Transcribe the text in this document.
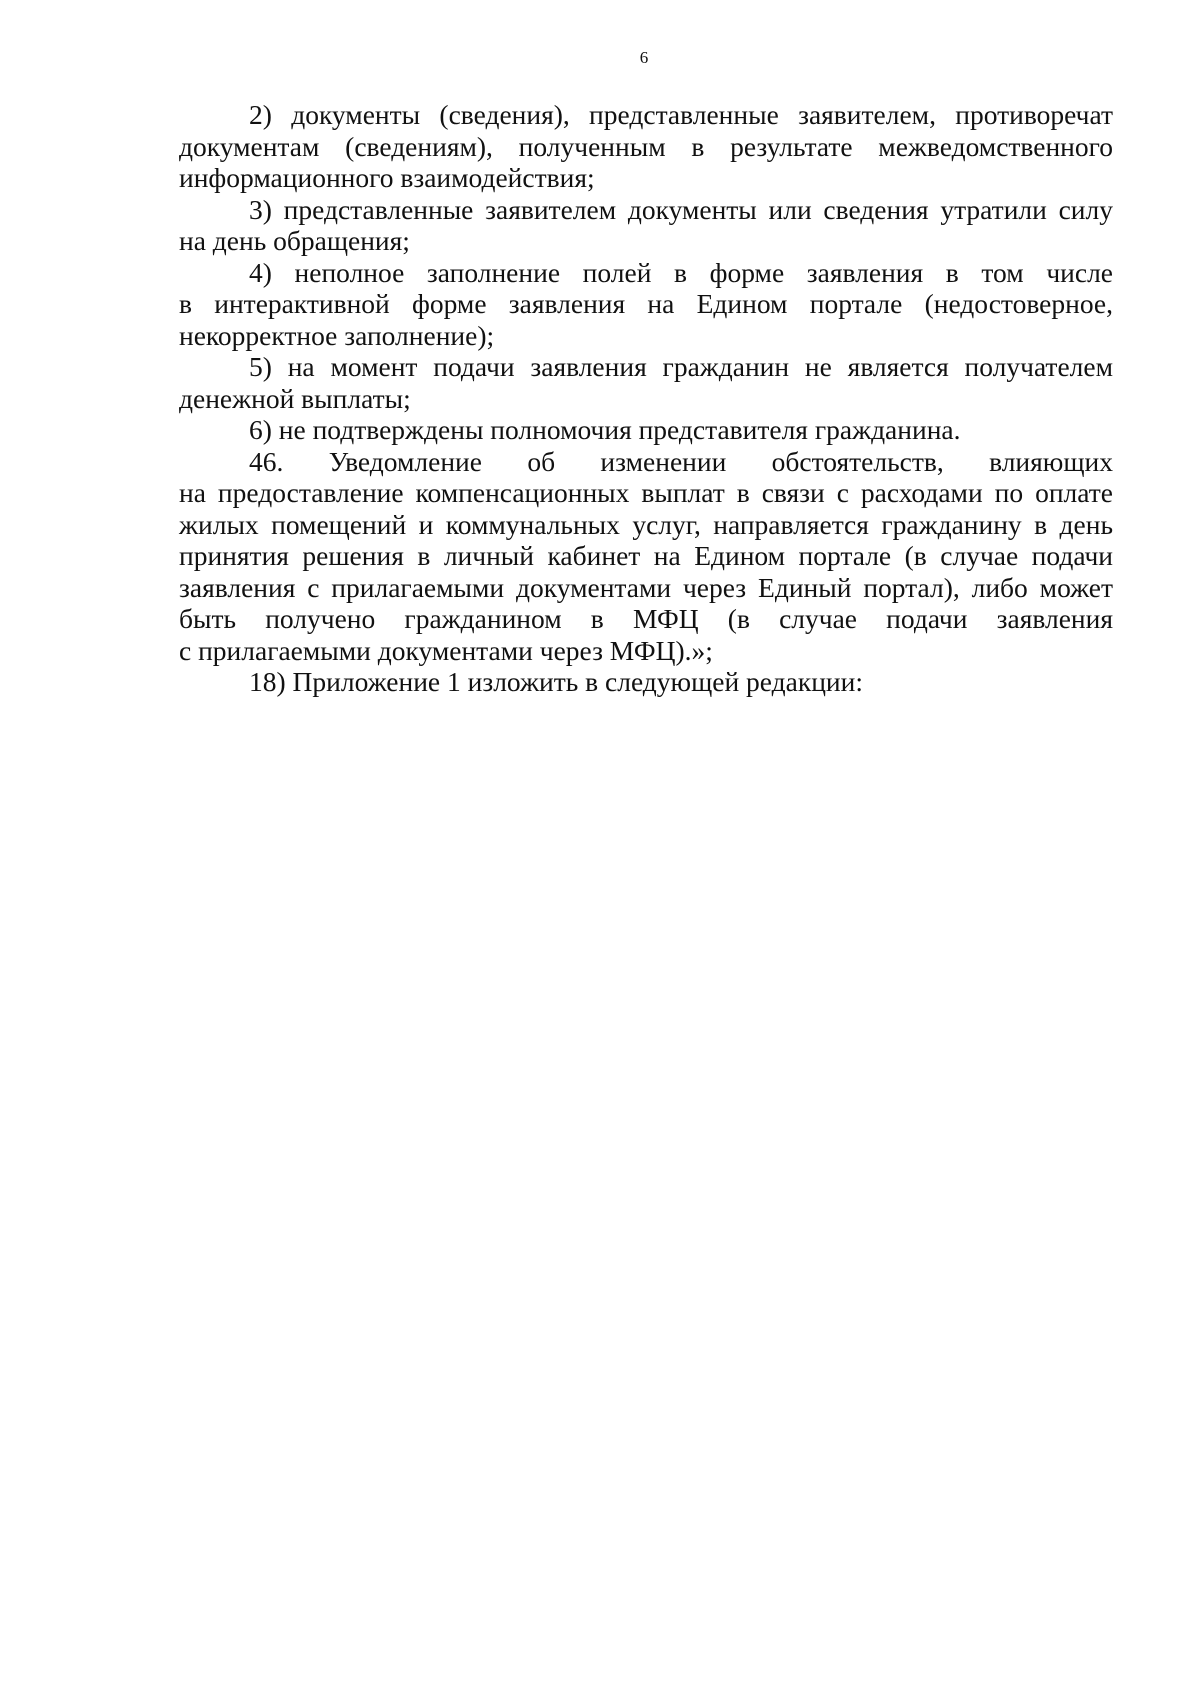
6
2) документы (сведения), представленные заявителем, противоречат
документам (сведениям), полученным в результате межведомственного
информационного взаимодействия;
3) представленные заявителем документы или сведения утратили силу
на день обращения;
4) неполное заполнение полей в форме заявления в том числе
в интерактивной форме заявления на Едином портале (недостоверное,
некорректное заполнение);
5) на момент подачи заявления гражданин не является получателем
денежной выплаты;
6) не подтверждены полномочия представителя гражданина.
46. Уведомление об изменении обстоятельств, влияющих
на предоставление компенсационных выплат в связи с расходами по оплате
жилых помещений и коммунальных услуг, направляется гражданину в день
принятия решения в личный кабинет на Едином портале (в случае подачи
заявления с прилагаемыми документами через Единый портал), либо может
быть получено гражданином в МФЦ (в случае подачи заявления
с прилагаемыми документами через МФЦ).»;
18) Приложение 1 изложить в следующей редакции:
